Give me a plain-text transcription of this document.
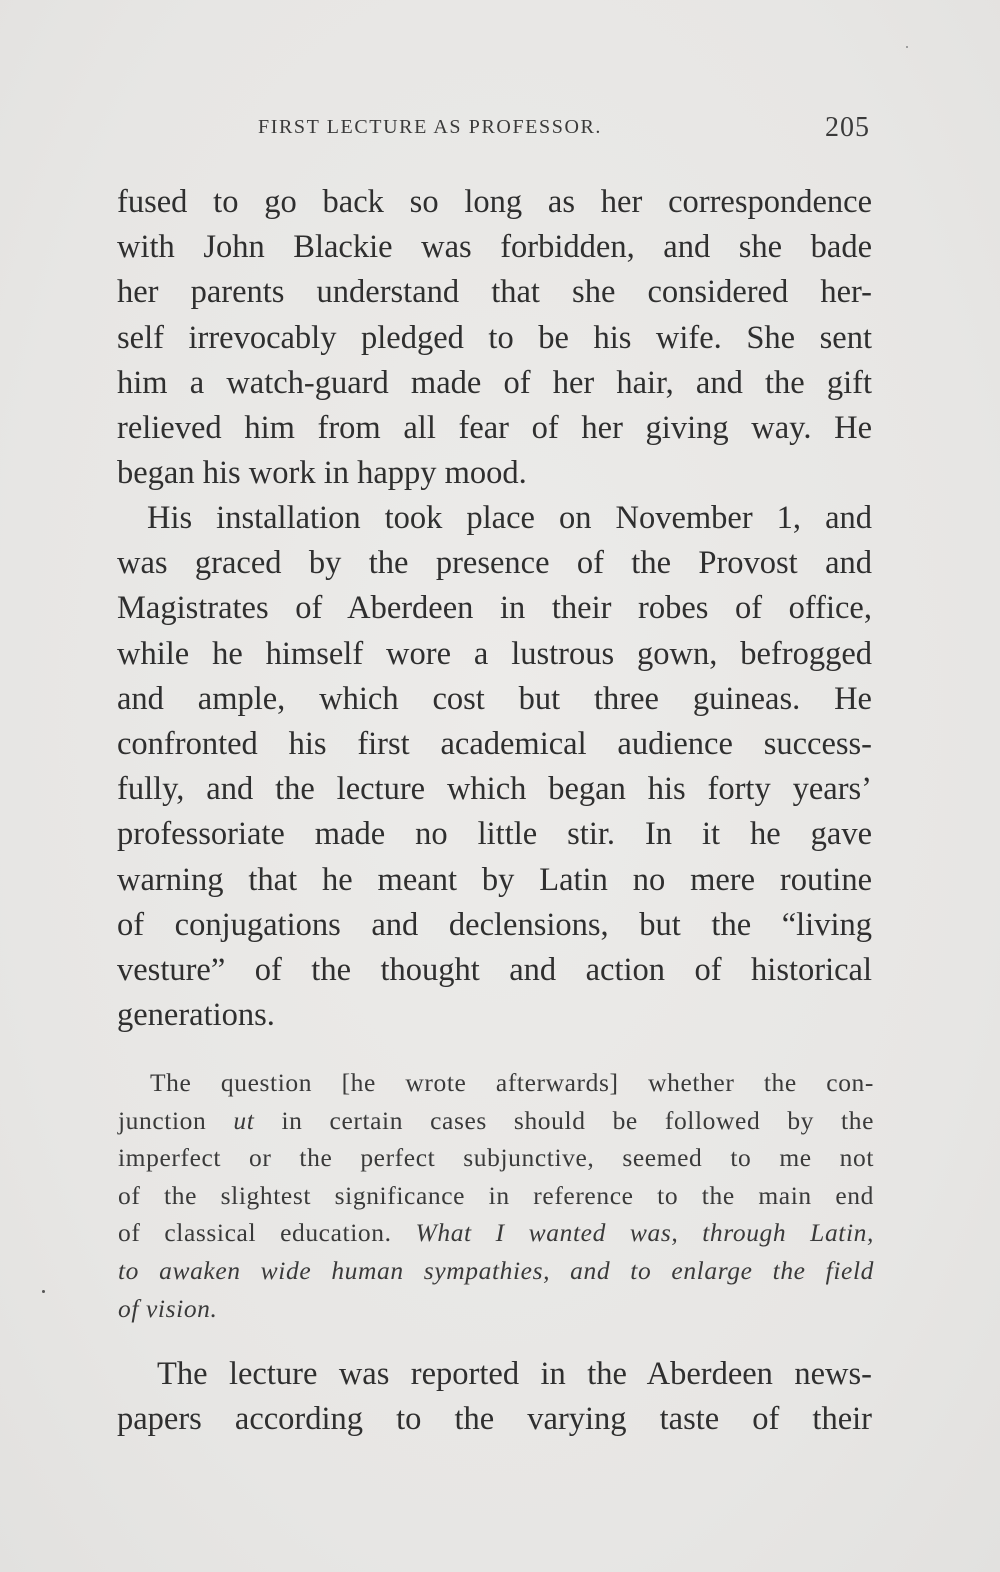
FIRST LECTURE AS PROFESSOR.	205

fused to go back so long as her correspondence
with John Blackie was forbidden, and she bade
her parents understand that she considered her-
self irrevocably pledged to be his wife. She sent
him a watch-guard made of her hair, and the gift
relieved him from all fear of her giving way. He
began his work in happy mood.

His installation took place on November 1, and
was graced by the presence of the Provost and
Magistrates of Aberdeen in their robes of office,
while he himself wore a lustrous gown, befrogged
and ample, which cost but three guineas. He
confronted his first academical audience success-
fully, and the lecture which began his forty years’
professoriate made no little stir. In it he gave
warning that he meant by Latin no mere routine
of conjugations and declensions, but the “living
vesture” of the thought and action of historical
generations.

The question [he wrote afterwards] whether the con-
junction ut in certain cases should be followed by the
imperfect or the perfect subjunctive, seemed to me not
of the slightest significance in reference to the main end
of classical education. What I wanted was, through Latin,
to awaken wide human sympathies, and to enlarge the field
of vision.

The lecture was reported in the Aberdeen news-
papers according to the varying taste of their
